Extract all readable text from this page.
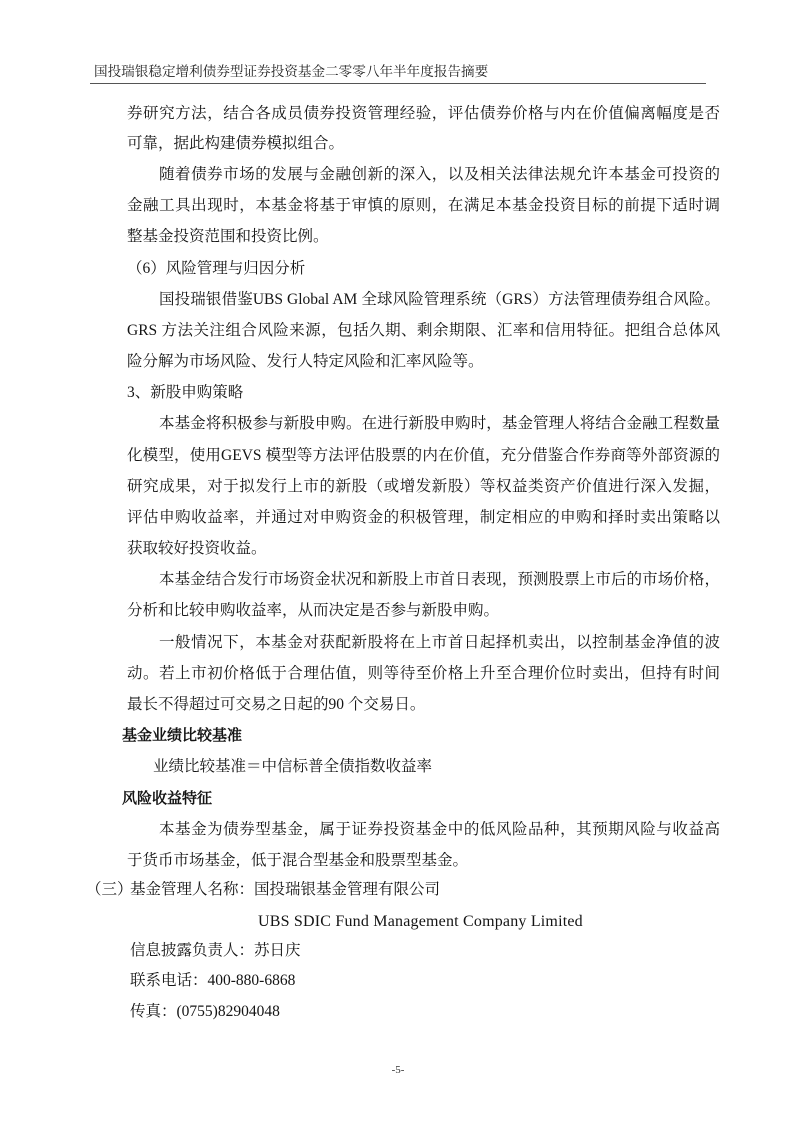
国投瑞银稳定增利债券型证券投资基金二零零八年半年度报告摘要
券研究方法，结合各成员债券投资管理经验，评估债券价格与内在价值偏离幅度是否
可靠，据此构建债券模拟组合。
随着债券市场的发展与金融创新的深入，以及相关法律法规允许本基金可投资的
金融工具出现时，本基金将基于审慎的原则，在满足本基金投资目标的前提下适时调
整基金投资范围和投资比例。
（6）风险管理与归因分析
国投瑞银借鉴UBS Global AM 全球风险管理系统（GRS）方法管理债券组合风险。
GRS 方法关注组合风险来源，包括久期、剩余期限、汇率和信用特征。把组合总体风
险分解为市场风险、发行人特定风险和汇率风险等。
3、新股申购策略
本基金将积极参与新股申购。在进行新股申购时，基金管理人将结合金融工程数量
化模型，使用GEVS 模型等方法评估股票的内在价值，充分借鉴合作券商等外部资源的
研究成果，对于拟发行上市的新股（或增发新股）等权益类资产价值进行深入发掘，
评估申购收益率，并通过对申购资金的积极管理，制定相应的申购和择时卖出策略以
获取较好投资收益。
本基金结合发行市场资金状况和新股上市首日表现，预测股票上市后的市场价格，
分析和比较申购收益率，从而决定是否参与新股申购。
一般情况下，本基金对获配新股将在上市首日起择机卖出，以控制基金净值的波
动。若上市初价格低于合理估值，则等待至价格上升至合理价位时卖出，但持有时间
最长不得超过可交易之日起的90 个交易日。
基金业绩比较基准
业绩比较基准＝中信标普全债指数收益率
风险收益特征
本基金为债券型基金，属于证券投资基金中的低风险品种，其预期风险与收益高
于货币市场基金，低于混合型基金和股票型基金。
（三）
基金管理人名称：国投瑞银基金管理有限公司
UBS SDIC Fund Management Company Limited
信息披露负责人：苏日庆
联系电话：400-880-6868
传真：(0755)82904048
-5-
